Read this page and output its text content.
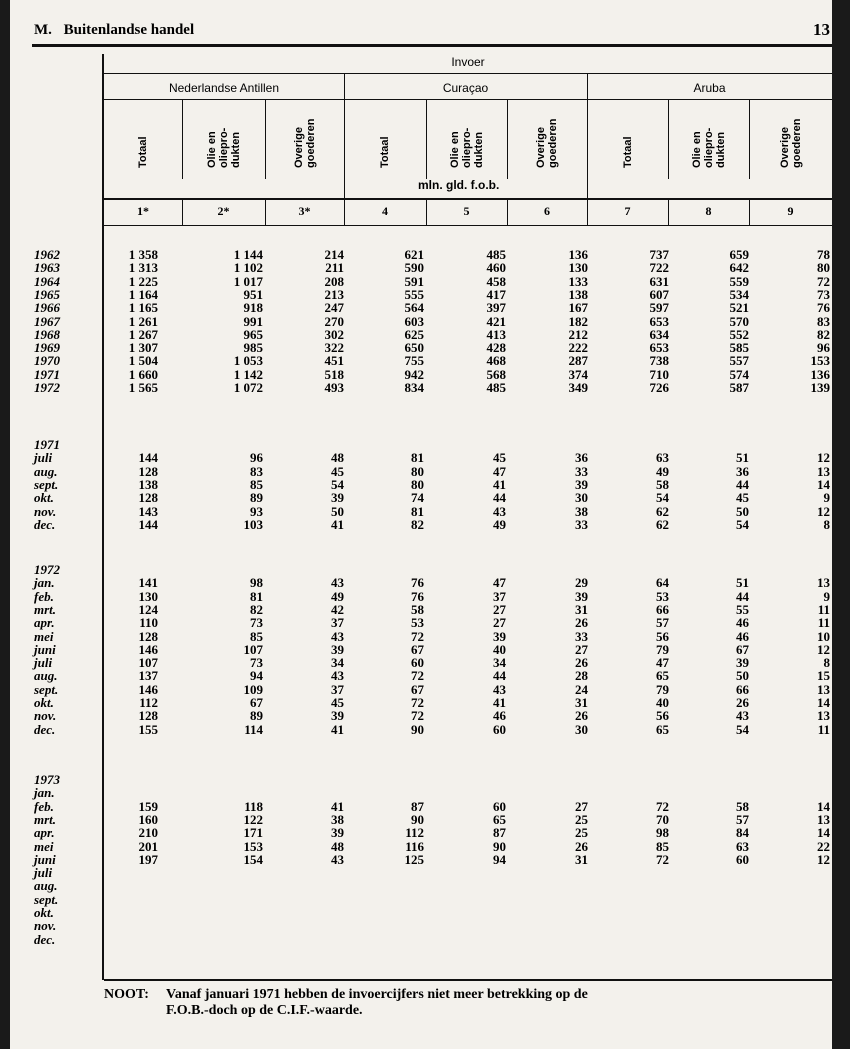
M. Buitenlandse handel	13
Invoer
Nederlandse Antillen	Curaçao	Aruba
Totaal	Olie en oliepro- dukten	Overige goederen	Totaal	Olie en oliepro- dukten	Overige goederen	Totaal	Olie en oliepro- dukten	Overige goederen
mln. gld. f.o.b.
1*	2*	3*	4	5	6	7	8	9
1962	1 358	1 144	214	621	485	136	737	659	78
1963	1 313	1 102	211	590	460	130	722	642	80
1964	1 225	1 017	208	591	458	133	631	559	72
1965	1 164	951	213	555	417	138	607	534	73
1966	1 165	918	247	564	397	167	597	521	76
1967	1 261	991	270	603	421	182	653	570	83
1968	1 267	965	302	625	413	212	634	552	82
1969	1 307	985	322	650	428	222	653	585	96
1970	1 504	1 053	451	755	468	287	738	557	153
1971	1 660	1 142	518	942	568	374	710	574	136
1972	1 565	1 072	493	834	485	349	726	587	139
1971
juli	144	96	48	81	45	36	63	51	12
aug.	128	83	45	80	47	33	49	36	13
sept.	138	85	54	80	41	39	58	44	14
okt.	128	89	39	74	44	30	54	45	9
nov.	143	93	50	81	43	38	62	50	12
dec.	144	103	41	82	49	33	62	54	8
1972
jan.	141	98	43	76	47	29	64	51	13
feb.	130	81	49	76	37	39	53	44	9
mrt.	124	82	42	58	27	31	66	55	11
apr.	110	73	37	53	27	26	57	46	11
mei	128	85	43	72	39	33	56	46	10
juni	146	107	39	67	40	27	79	67	12
juli	107	73	34	60	34	26	47	39	8
aug.	137	94	43	72	44	28	65	50	15
sept.	146	109	37	67	43	24	79	66	13
okt.	112	67	45	72	41	31	40	26	14
nov.	128	89	39	72	46	26	56	43	13
dec.	155	114	41	90	60	30	65	54	11
1973
jan.
feb.	159	118	41	87	60	27	72	58	14
mrt.	160	122	38	90	65	25	70	57	13
apr.	210	171	39	112	87	25	98	84	14
mei	201	153	48	116	90	26	85	63	22
juni	197	154	43	125	94	31	72	60	12
juli
aug.
sept.
okt.
nov.
dec.
NOOT: Vanaf januari 1971 hebben de invoercijfers niet meer betrekking op de
F.O.B.-doch op de C.I.F.-waarde.
